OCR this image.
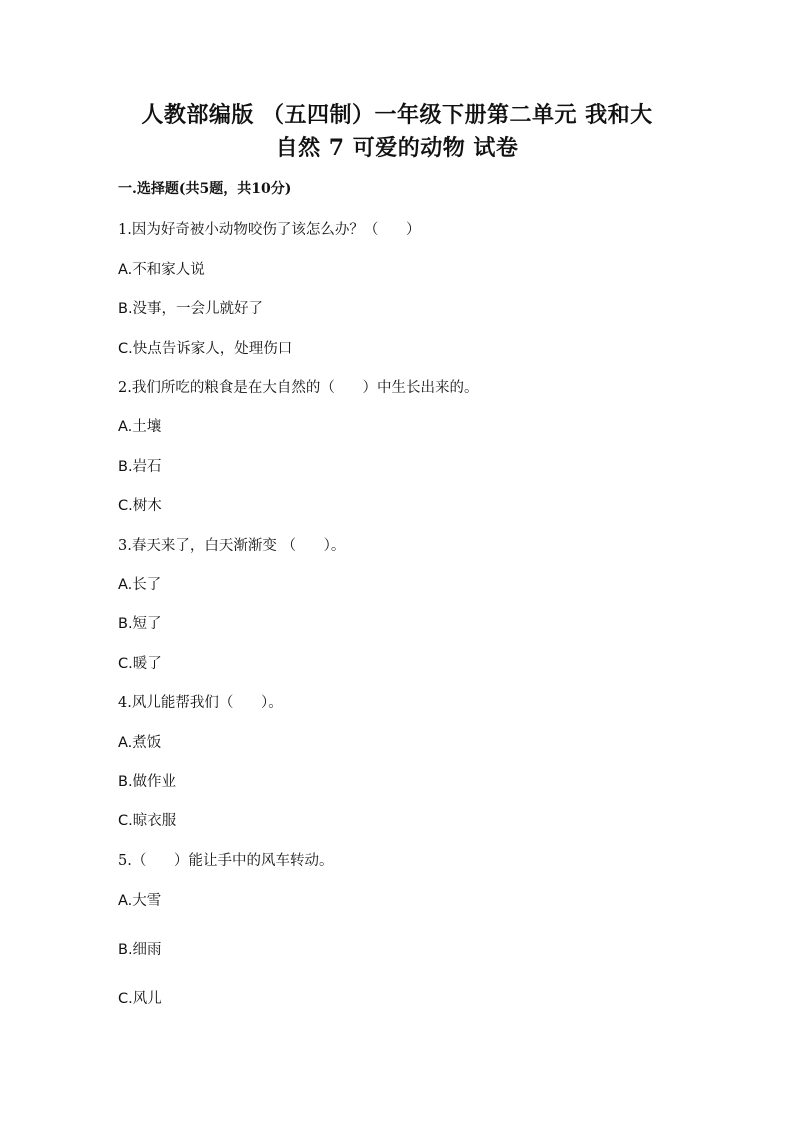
人教部编版 （五四制）一年级下册第二单元 我和大
自然 7 可爱的动物 试卷
一.选择题(共5题，共10分)
1.因为好奇被小动物咬伤了该怎么办？（      ）
A.不和家人说
B.没事，一会儿就好了
C.快点告诉家人，处理伤口
2.我们所吃的粮食是在大自然的（      ）中生长出来的。
A.土壤
B.岩石
C.树木
3.春天来了，白天渐渐变 （      ）。
A.长了
B.短了
C.暖了
4.风儿能帮我们（      ）。
A.煮饭
B.做作业
C.晾衣服
5.（      ）能让手中的风车转动。
A.大雪
B.细雨
C.风儿
